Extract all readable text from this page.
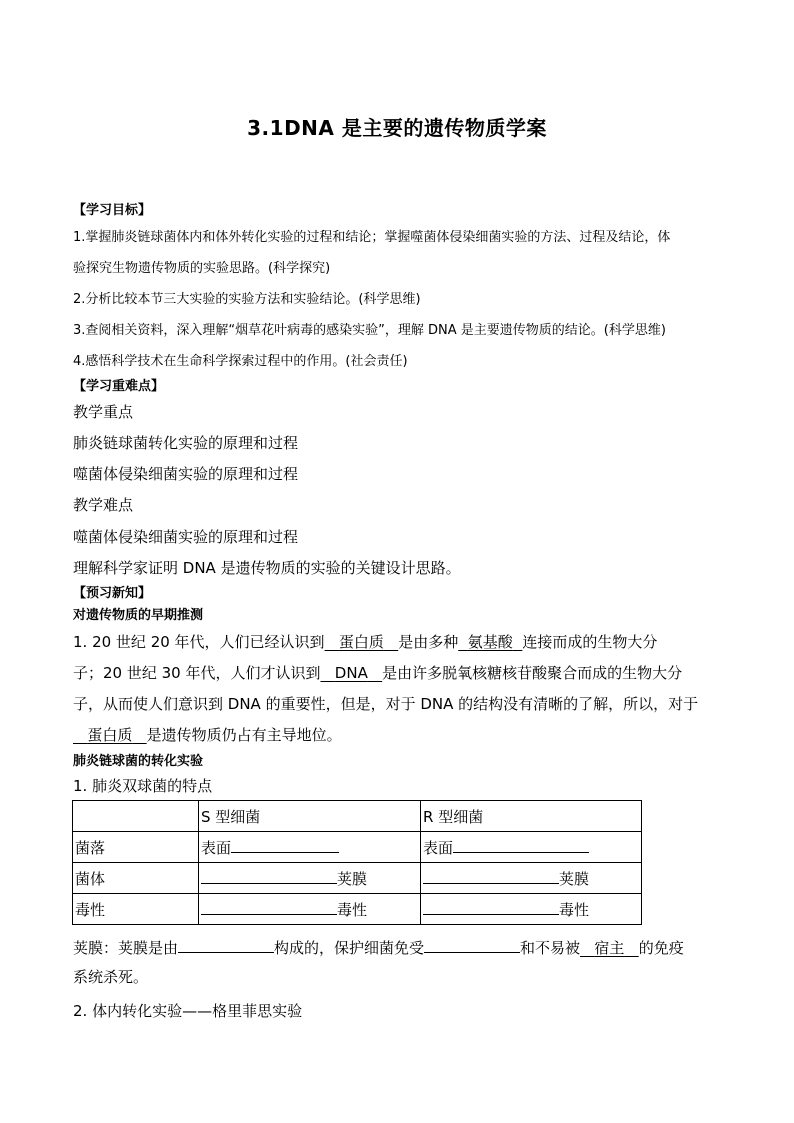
3.1DNA 是主要的遗传物质学案
【学习目标】
1.掌握肺炎链球菌体内和体外转化实验的过程和结论；掌握噬菌体侵染细菌实验的方法、过程及结论，体
验探究生物遗传物质的实验思路。(科学探究)
2.分析比较本节三大实验的实验方法和实验结论。(科学思维)
3.查阅相关资料，深入理解“烟草花叶病毒的感染实验”，理解 DNA 是主要遗传物质的结论。(科学思维)
4.感悟科学技术在生命科学探索过程中的作用。(社会责任)
【学习重难点】
教学重点
肺炎链球菌转化实验的原理和过程
噬菌体侵染细菌实验的原理和过程
教学难点
噬菌体侵染细菌实验的原理和过程
理解科学家证明 DNA 是遗传物质的实验的关键设计思路。
【预习新知】
对遗传物质的早期推测
1. 20 世纪 20 年代，人们已经认识到 蛋白质 是由多种 氨基酸 连接而成的生物大分
子；20 世纪 30 年代，人们才认识到 DNA 是由许多脱氧核糖核苷酸聚合而成的生物大分
子，从而使人们意识到 DNA 的重要性，但是，对于 DNA 的结构没有清晰的了解，所以，对于
蛋白质 是遗传物质仍占有主导地位。
肺炎链球菌的转化实验
1. 肺炎双球菌的特点
	S 型细菌	R 型细菌
菌落	表面	表面
菌体	荚膜	荚膜
毒性	毒性	毒性
荚膜：荚膜是由	构成的，保护细菌免受	和不易被 宿主 的免疫
系统杀死。
2. 体内转化实验——格里菲思实验
